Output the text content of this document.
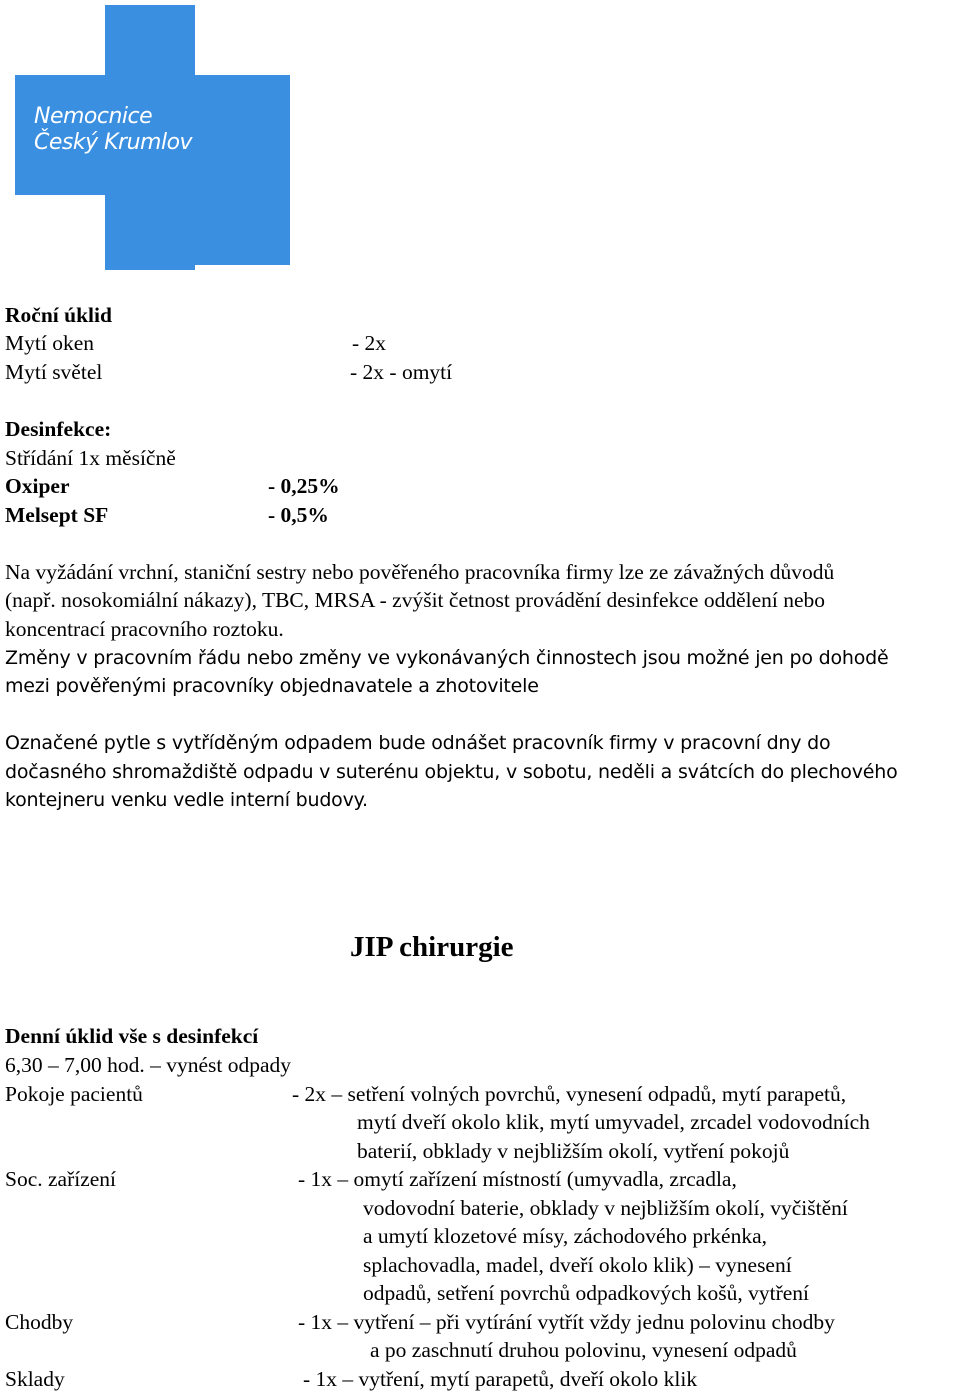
Nemocnice
Český Krumlov
Roční úklid
Mytí oken	- 2x
Mytí světel	- 2x - omytí
Desinfekce:
Střídání 1x měsíčně
Oxiper	- 0,25%
Melsept SF	- 0,5%
Na vyžádání vrchní, staniční sestry nebo pověřeného pracovníka firmy lze ze závažných důvodů
(např. nosokomiální nákazy), TBC, MRSA - zvýšit četnost provádění desinfekce oddělení nebo
koncentrací pracovního roztoku.
Změny v pracovním řádu nebo změny ve vykonávaných činnostech jsou možné jen po dohodě
mezi pověřenými pracovníky objednavatele a zhotovitele
Označené pytle s vytříděným odpadem bude odnášet pracovník firmy v pracovní dny do
dočasného shromaždiště odpadu v suterénu objektu, v sobotu, neděli a svátcích do plechového
kontejneru venku vedle interní budovy.
JIP chirurgie
Denní úklid vše s desinfekcí
6,30 – 7,00 hod. – vynést odpady
Pokoje pacientů	- 2x – setření volných povrchů, vynesení odpadů, mytí parapetů,
mytí dveří okolo klik, mytí umyvadel, zrcadel vodovodních
baterií, obklady v nejbližším okolí, vytření pokojů
Soc. zařízení	- 1x – omytí zařízení místností (umyvadla, zrcadla,
vodovodní baterie, obklady v nejbližším okolí, vyčištění
a umytí klozetové mísy, záchodového prkénka,
splachovadla, madel, dveří okolo klik) – vynesení
odpadů, setření povrchů odpadkových košů, vytření
Chodby	- 1x – vytření – při vytírání vytřít vždy jednu polovinu chodby
a po zaschnutí druhou polovinu, vynesení odpadů
Sklady	- 1x – vytření, mytí parapetů, dveří okolo klik
